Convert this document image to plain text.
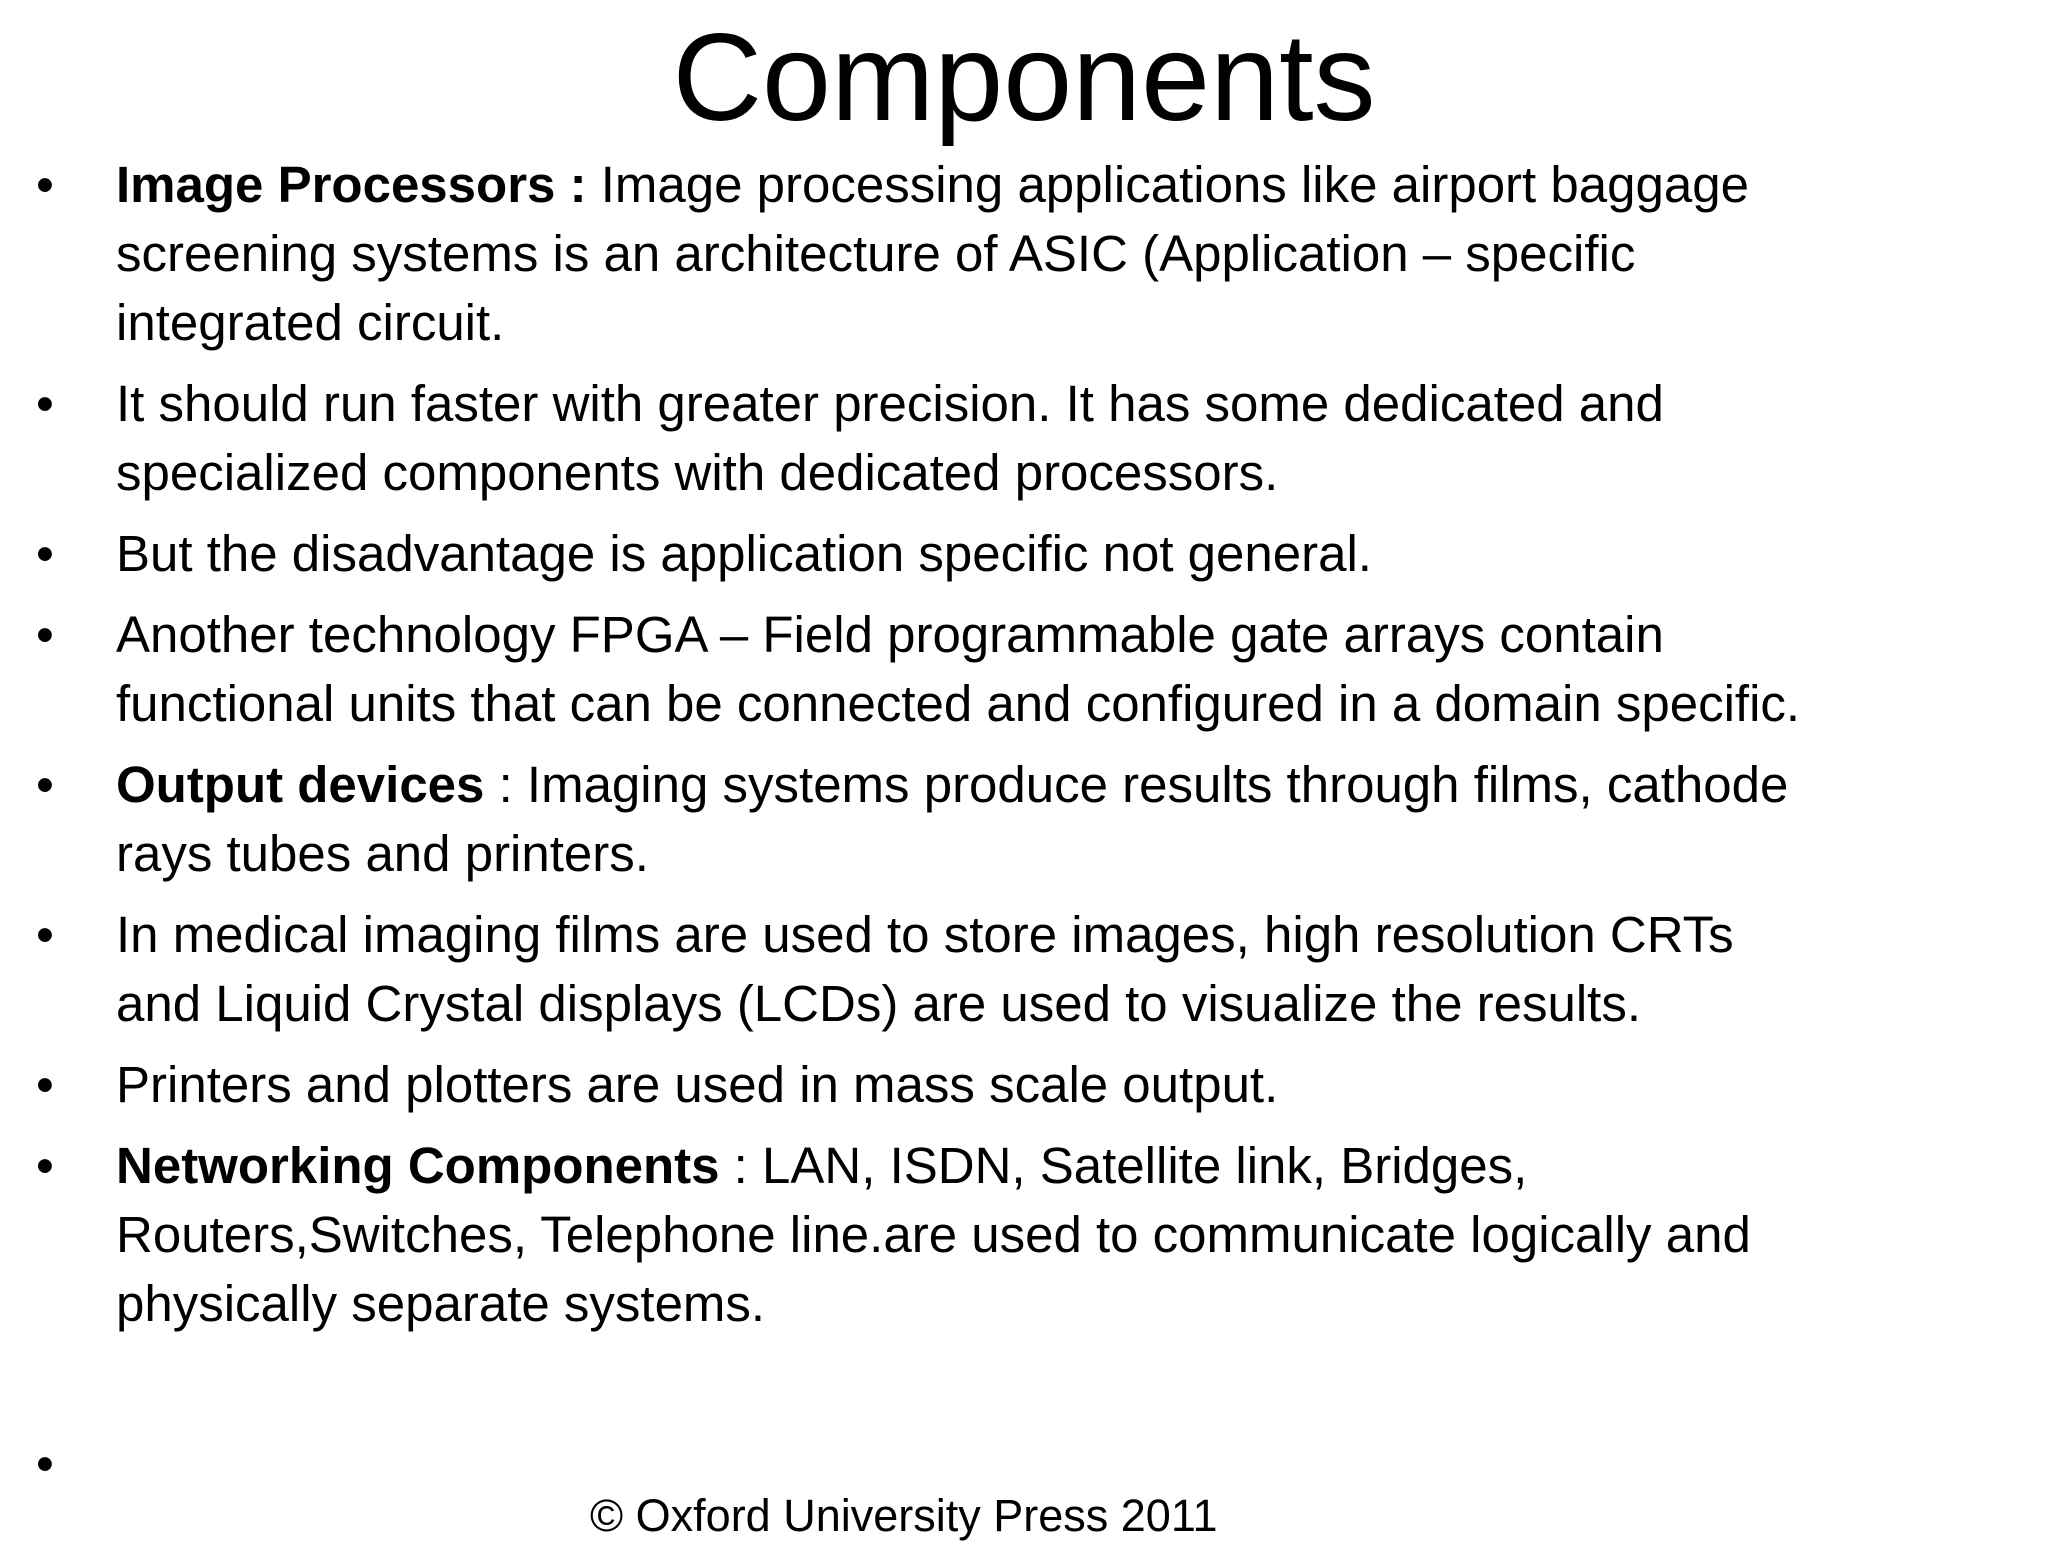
Components
• Image Processors : Image processing applications like airport baggage
screening systems is an architecture of ASIC (Application – specific
integrated circuit.
• It should run faster with greater precision. It has some dedicated and
specialized components with dedicated processors.
• But the disadvantage is application specific not general.
• Another technology FPGA – Field programmable gate arrays contain
functional units that can be connected and configured in a domain specific.
• Output devices : Imaging systems produce results through films, cathode
rays tubes and printers.
• In medical imaging films are used to store images, high resolution CRTs
and Liquid Crystal displays (LCDs) are used to visualize the results.
• Printers and plotters are used in mass scale output.
• Networking Components : LAN, ISDN, Satellite link, Bridges,
Routers,Switches, Telephone line.are used to communicate logically and
physically separate systems.
•
© Oxford University Press 2011
